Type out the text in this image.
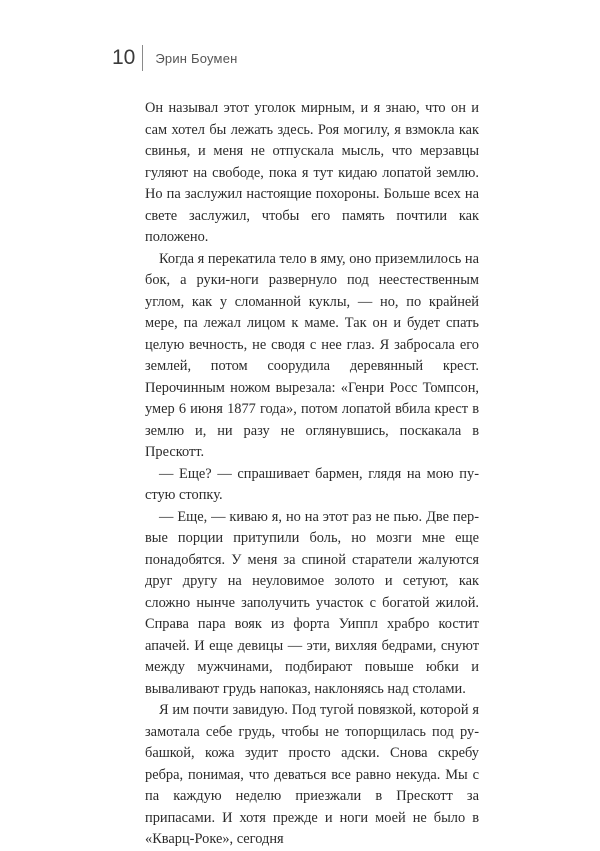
10 Эрин Боумен

Он называл этот уголок мирным, и я знаю, что он и сам хотел бы лежать здесь. Роя могилу, я взмокла как свинья, и меня не отпускала мысль, что мерзавцы гуляют на свободе, пока я тут кидаю лопатой землю. Но па заслужил настоящие похороны. Больше всех на свете заслужил, чтобы его память почтили как положено.

Когда я перекатила тело в яму, оно приземлилось на бок, а руки-ноги развернуло под неестественным углом, как у сломанной куклы, — но, по крайней мере, па лежал лицом к маме. Так он и будет спать целую вечность, не сводя с нее глаз. Я забросала его землей, потом соорудила деревянный крест. Перочинным ножом вырезала: «Генри Росс Томпсон, умер 6 июня 1877 года», потом лопатой вбила крест в землю и, ни разу не оглянувшись, поскакала в Прескотт.

— Еще? — спрашивает бармен, глядя на мою пустую стопку.

— Еще, — киваю я, но на этот раз не пью. Две первые порции притупили боль, но мозги мне еще понадобятся. У меня за спиной старатели жалуются друг другу на неуловимое золото и сетуют, как сложно нынче заполучить участок с богатой жилой. Справа пара вояк из форта Уиппл храбро костит апачей. И еще девицы — эти, вихляя бедрами, снуют между мужчинами, подбирают повыше юбки и вываливают грудь напоказ, наклоняясь над столами.

Я им почти завидую. Под тугой повязкой, которой я замотала себе грудь, чтобы не топорщилась под рубашкой, кожа зудит просто адски. Снова скребу ребра, понимая, что деваться все равно некуда. Мы с па каждую неделю приезжали в Прескотт за припасами. И хотя прежде и ноги моей не было в «Кварц-Роке», сегодня
